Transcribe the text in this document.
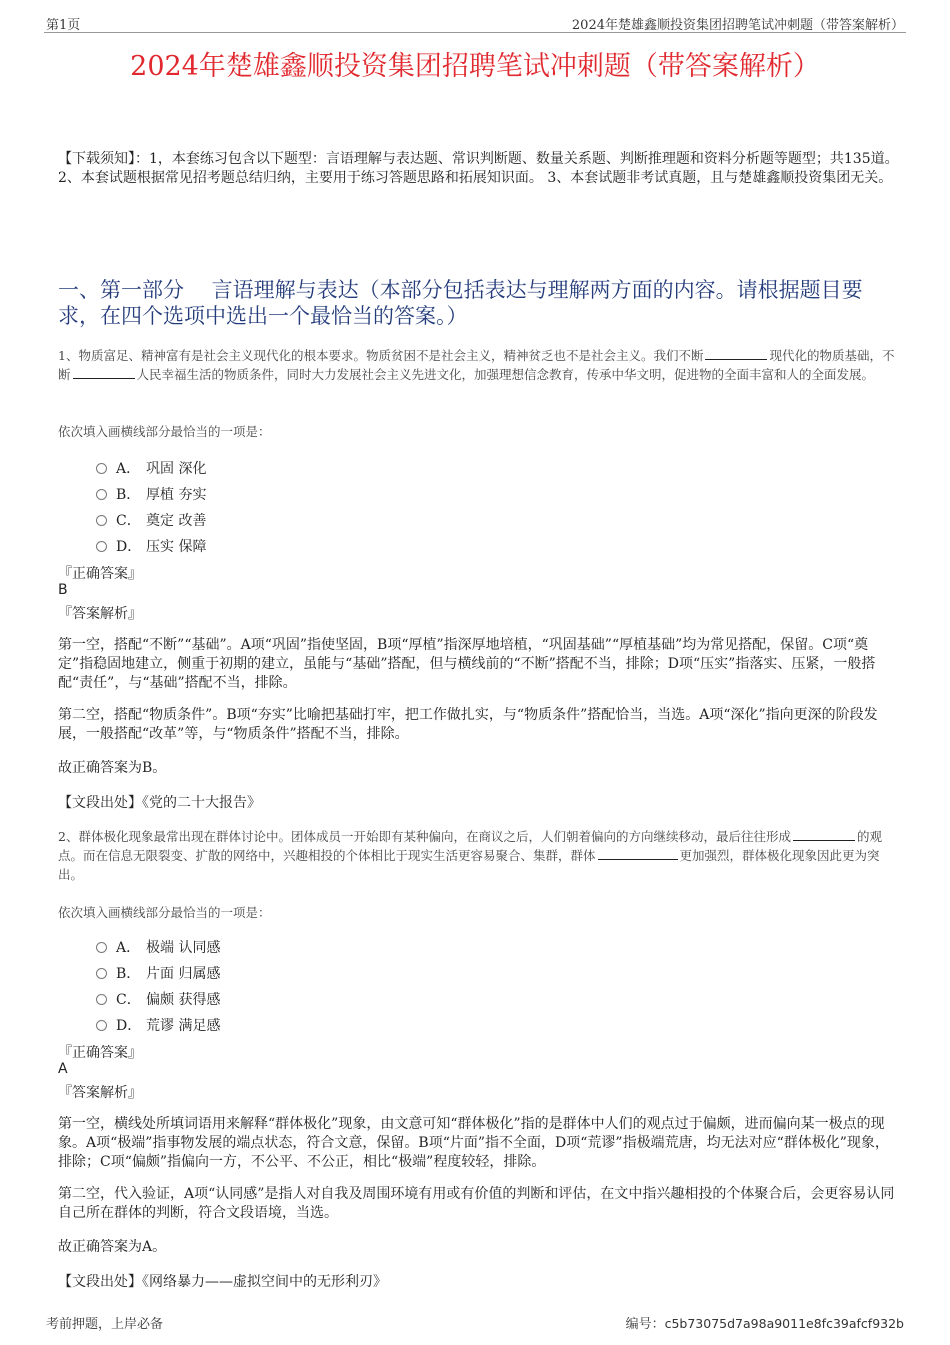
第1页	2024年楚雄鑫顺投资集团招聘笔试冲刺题（带答案解析）
2024年楚雄鑫顺投资集团招聘笔试冲刺题（带答案解析）
【下载须知】：1，本套练习包含以下题型：言语理解与表达题、常识判断题、数量关系题、判断推理题和资料分析题等题型；共135道。 2、本套试题根据常见招考题总结归纳，主要用于练习答题思路和拓展知识面。 3、本套试题非考试真题，且与楚雄鑫顺投资集团无关。
一、第一部分　 言语理解与表达（本部分包括表达与理解两方面的内容。请根据题目要求，在四个选项中选出一个最恰当的答案。）
1、物质富足、精神富有是社会主义现代化的根本要求。物质贫困不是社会主义，精神贫乏也不是社会主义。我们不断	现代化的物质基础，不断	人民幸福生活的物质条件，同时大力发展社会主义先进文化，加强理想信念教育，传承中华文明，促进物的全面丰富和人的全面发展。
依次填入画横线部分最恰当的一项是：
A． 巩固 深化
B． 厚植 夯实
C． 奠定 改善
D． 压实 保障
『正确答案』
B
『答案解析』
第一空，搭配“不断”“基础”。A项“巩固”指使坚固，B项“厚植”指深厚地培植，“巩固基础”“厚植基础”均为常见搭配，保留。C项“奠定”指稳固地建立，侧重于初期的建立，虽能与“基础”搭配，但与横线前的“不断”搭配不当，排除；D项“压实”指落实、压紧，一般搭配“责任”，与“基础”搭配不当，排除。
第二空，搭配“物质条件”。B项“夯实”比喻把基础打牢，把工作做扎实，与“物质条件”搭配恰当，当选。A项“深化”指向更深的阶段发展，一般搭配“改革”等，与“物质条件”搭配不当，排除。
故正确答案为B。
【文段出处】《党的二十大报告》
2、群体极化现象最常出现在群体讨论中。团体成员一开始即有某种偏向，在商议之后，人们朝着偏向的方向继续移动，最后往往形成	的观点。而在信息无限裂变、扩散的网络中，兴趣相投的个体相比于现实生活更容易聚合、集群，群体	更加强烈，群体极化现象因此更为突出。
依次填入画横线部分最恰当的一项是：
A． 极端 认同感
B． 片面 归属感
C． 偏颇 获得感
D． 荒谬 满足感
『正确答案』
A
『答案解析』
第一空，横线处所填词语用来解释“群体极化”现象，由文意可知“群体极化”指的是群体中人们的观点过于偏颇，进而偏向某一极点的现象。A项“极端”指事物发展的端点状态，符合文意，保留。B项“片面”指不全面，D项“荒谬”指极端荒唐，均无法对应“群体极化”现象，排除；C项“偏颇”指偏向一方，不公平、不公正，相比“极端”程度较轻，排除。
第二空，代入验证，A项“认同感”是指人对自我及周围环境有用或有价值的判断和评估，在文中指兴趣相投的个体聚合后，会更容易认同自己所在群体的判断，符合文段语境，当选。
故正确答案为A。
【文段出处】《网络暴力——虚拟空间中的无形利刃》
考前押题，上岸必备	编号：c5b73075d7a98a9011e8fc39afcf932b
